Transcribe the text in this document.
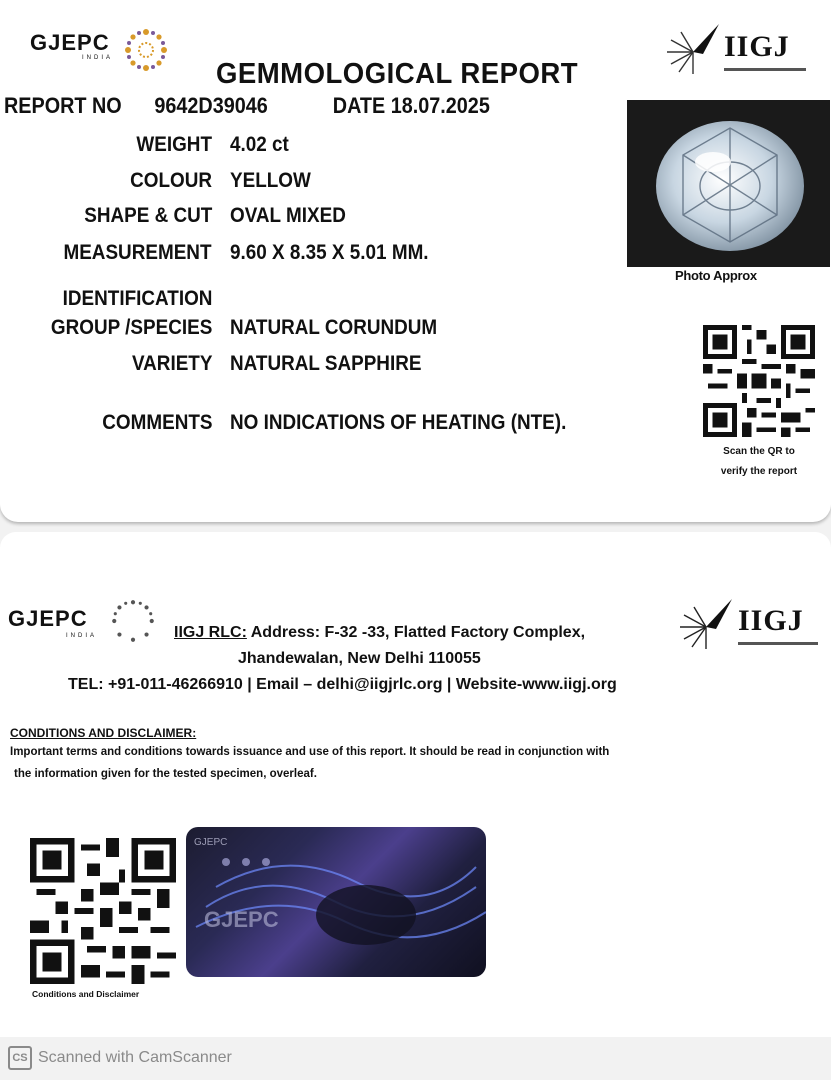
GJEPC
INDIA	IIGJ
GEMMOLOGICAL REPORT
REPORT NO 9642D39046	DATE 18.07.2025
WEIGHT 4.02 ct
COLOUR YELLOW
SHAPE & CUT OVAL MIXED
MEASUREMENT 9.60 X 8.35 X 5.01 MM.
IDENTIFICATION
GROUP /SPECIES NATURAL CORUNDUM
VARIETY NATURAL SAPPHIRE
COMMENTS NO INDICATIONS OF HEATING (NTE).
Photo Approx
Scan the QR to
verify the report
GJEPC
INDIA	IIGJ
IIGJ RLC: Address: F-32 -33, Flatted Factory Complex,
Jhandewalan, New Delhi 110055
TEL: +91-011-46266910 | Email – delhi@iigjrlc.org | Website-www.iigj.org
CONDITIONS AND DISCLAIMER:
Important terms and conditions towards issuance and use of this report. It should be read in conjunction with
the information given for the tested specimen, overleaf.
Conditions and Disclaimer
GJEPC
GJEPC
CS Scanned with CamScanner
